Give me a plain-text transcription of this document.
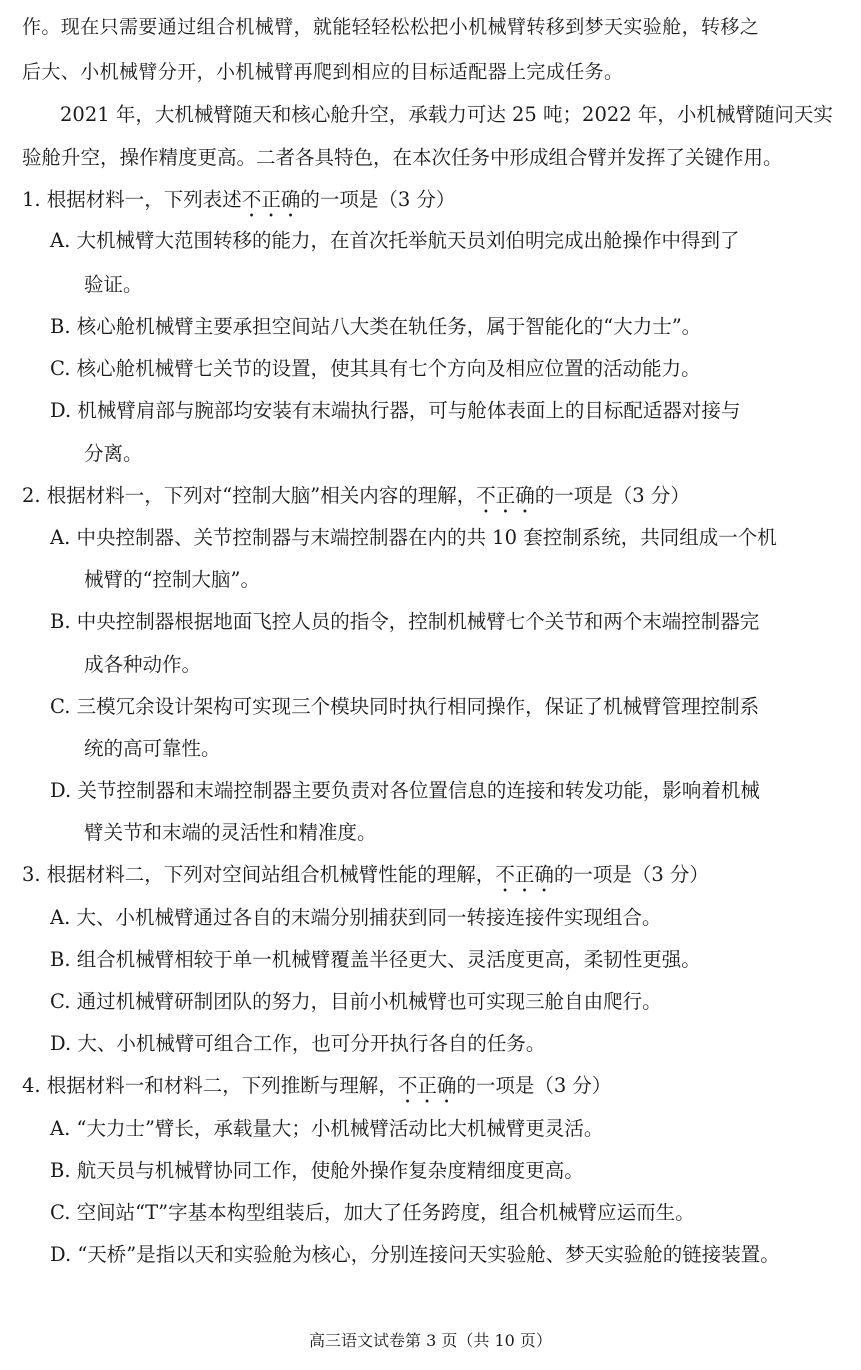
作。现在只需要通过组合机械臂，就能轻轻松松把小机械臂转移到梦天实验舱，转移之
后大、小机械臂分开，小机械臂再爬到相应的目标适配器上完成任务。
2021 年，大机械臂随天和核心舱升空，承载力可达 25 吨；2022 年，小机械臂随问天实
验舱升空，操作精度更高。二者各具特色，在本次任务中形成组合臂并发挥了关键作用。
1. 根据材料一，下列表述不正确的一项是（3 分）
A. 大机械臂大范围转移的能力，在首次托举航天员刘伯明完成出舱操作中得到了
验证。
B. 核心舱机械臂主要承担空间站八大类在轨任务，属于智能化的“大力士”。
C. 核心舱机械臂七关节的设置，使其具有七个方向及相应位置的活动能力。
D. 机械臂肩部与腕部均安装有末端执行器，可与舱体表面上的目标配适器对接与
分离。
2. 根据材料一，下列对“控制大脑”相关内容的理解，不正确的一项是（3 分）
A. 中央控制器、关节控制器与末端控制器在内的共 10 套控制系统，共同组成一个机
械臂的“控制大脑”。
B. 中央控制器根据地面飞控人员的指令，控制机械臂七个关节和两个末端控制器完
成各种动作。
C. 三模冗余设计架构可实现三个模块同时执行相同操作，保证了机械臂管理控制系
统的高可靠性。
D. 关节控制器和末端控制器主要负责对各位置信息的连接和转发功能，影响着机械
臂关节和末端的灵活性和精准度。
3. 根据材料二，下列对空间站组合机械臂性能的理解，不正确的一项是（3 分）
A. 大、小机械臂通过各自的末端分别捕获到同一转接连接件实现组合。
B. 组合机械臂相较于单一机械臂覆盖半径更大、灵活度更高，柔韧性更强。
C. 通过机械臂研制团队的努力，目前小机械臂也可实现三舱自由爬行。
D. 大、小机械臂可组合工作，也可分开执行各自的任务。
4. 根据材料一和材料二，下列推断与理解，不正确的一项是（3 分）
A. “大力士”臂长，承载量大；小机械臂活动比大机械臂更灵活。
B. 航天员与机械臂协同工作，使舱外操作复杂度精细度更高。
C. 空间站“T”字基本构型组装后，加大了任务跨度，组合机械臂应运而生。
D. “天桥”是指以天和实验舱为核心，分别连接问天实验舱、梦天实验舱的链接装置。
高三语文试卷第 3 页（共 10 页）
